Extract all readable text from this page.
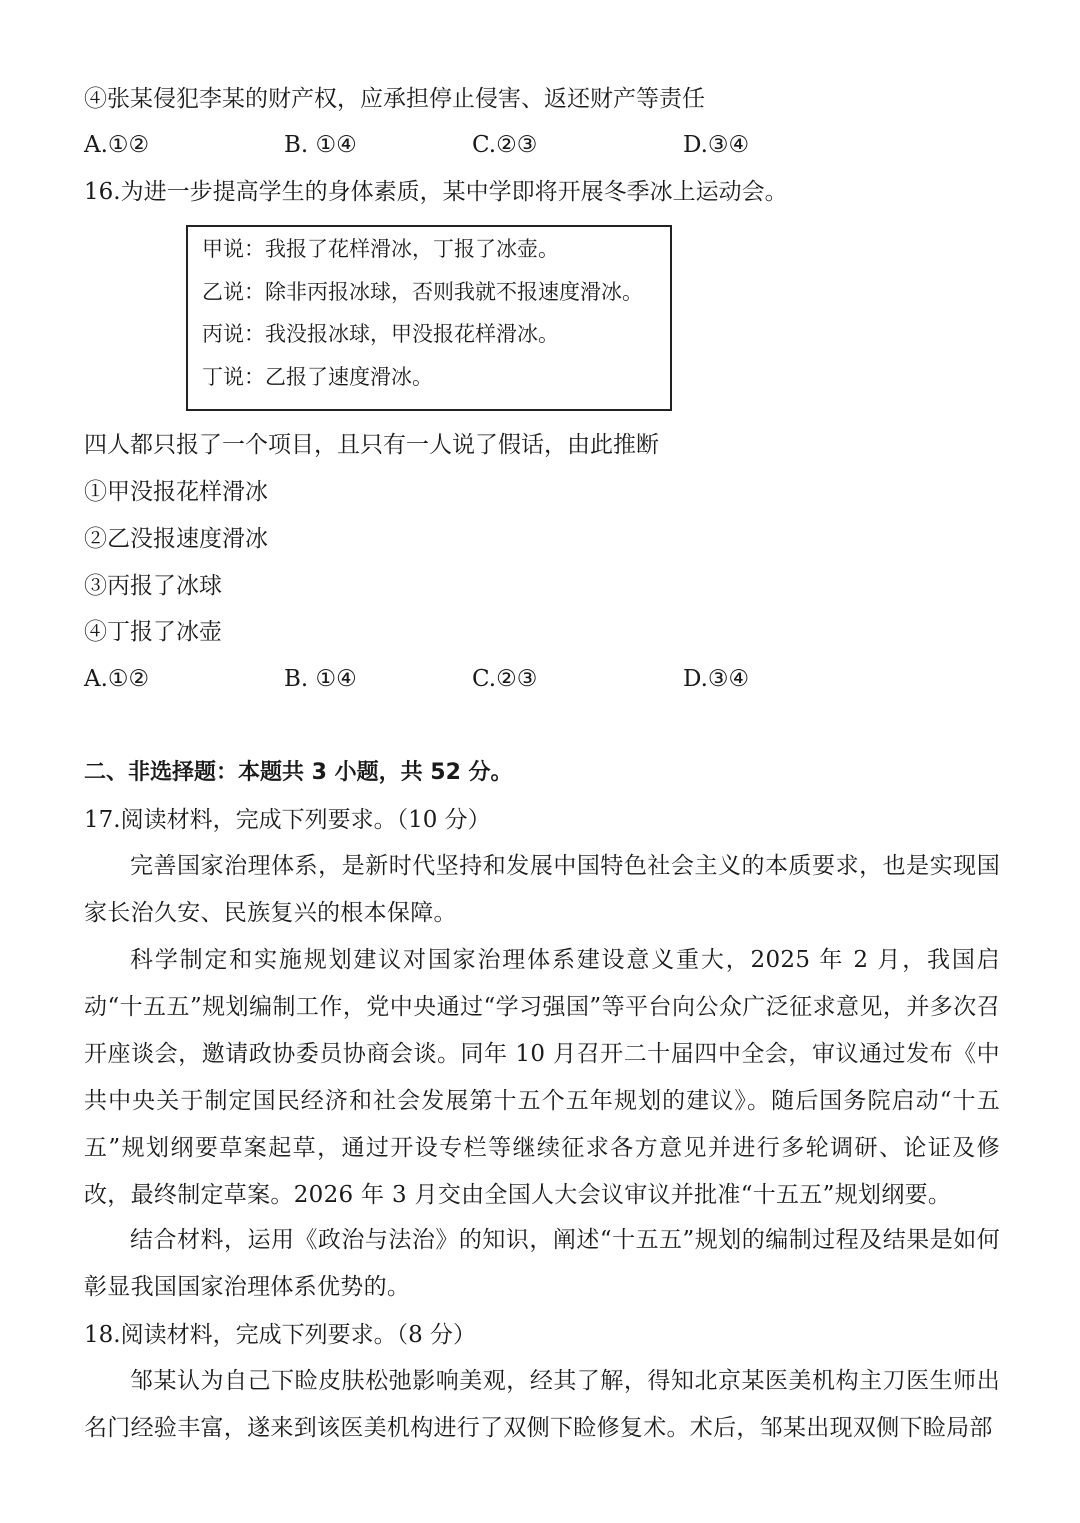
④张某侵犯李某的财产权，应承担停止侵害、返还财产等责任
A.①②	B. ①④	C.②③	D.③④
16.为进一步提高学生的身体素质，某中学即将开展冬季冰上运动会。
甲说：我报了花样滑冰，丁报了冰壶。
乙说：除非丙报冰球，否则我就不报速度滑冰。
丙说：我没报冰球，甲没报花样滑冰。
丁说：乙报了速度滑冰。
四人都只报了一个项目，且只有一人说了假话，由此推断
①甲没报花样滑冰
②乙没报速度滑冰
③丙报了冰球
④丁报了冰壶
A.①②	B. ①④	C.②③	D.③④
二、非选择题：本题共 3 小题，共 52 分。
17.阅读材料，完成下列要求。（10 分）
完善国家治理体系，是新时代坚持和发展中国特色社会主义的本质要求，也是实现国家长治久安、民族复兴的根本保障。
科学制定和实施规划建议对国家治理体系建设意义重大，2025 年 2 月，我国启动“十五五”规划编制工作，党中央通过“学习强国”等平台向公众广泛征求意见，并多次召开座谈会，邀请政协委员协商会谈。同年 10 月召开二十届四中全会，审议通过发布《中共中央关于制定国民经济和社会发展第十五个五年规划的建议》。随后国务院启动“十五五”规划纲要草案起草，通过开设专栏等继续征求各方意见并进行多轮调研、论证及修改，最终制定草案。2026 年 3 月交由全国人大会议审议并批准“十五五”规划纲要。
结合材料，运用《政治与法治》的知识，阐述“十五五”规划的编制过程及结果是如何彰显我国国家治理体系优势的。
18.阅读材料，完成下列要求。（8 分）
邹某认为自己下睑皮肤松弛影响美观，经其了解，得知北京某医美机构主刀医生师出名门经验丰富，遂来到该医美机构进行了双侧下睑修复术。术后，邹某出现双侧下睑局部
